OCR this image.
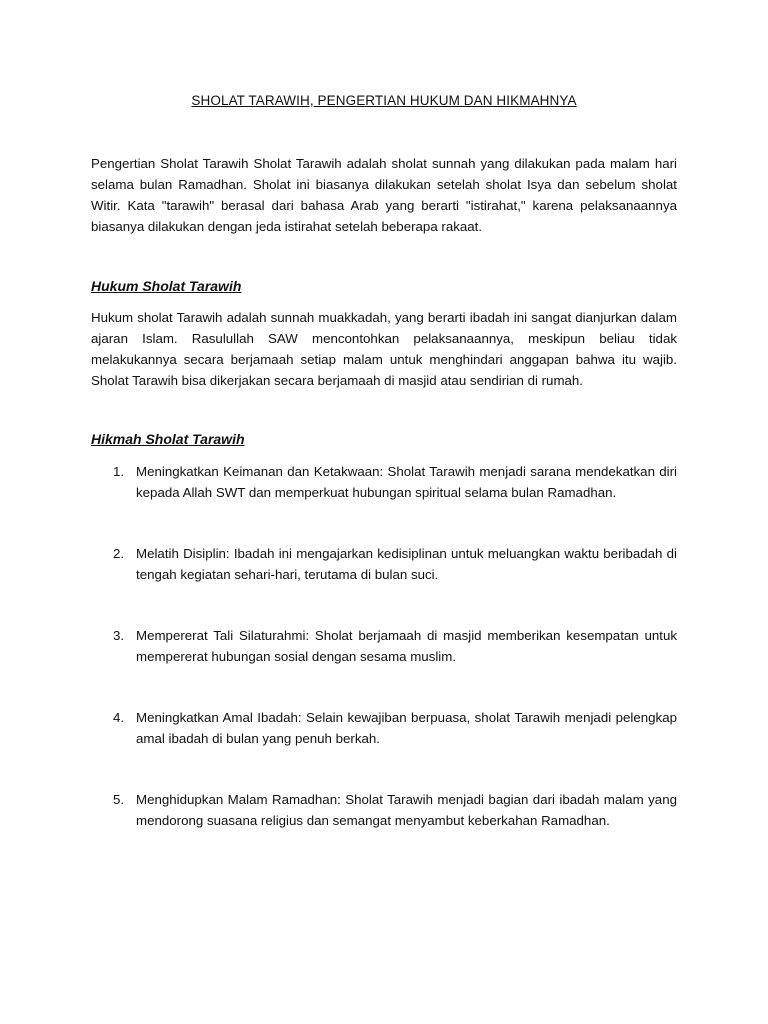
SHOLAT TARAWIH, PENGERTIAN HUKUM DAN HIKMAHNYA

Pengertian Sholat Tarawih Sholat Tarawih adalah sholat sunnah yang dilakukan pada malam hari selama bulan Ramadhan. Sholat ini biasanya dilakukan setelah sholat Isya dan sebelum sholat Witir. Kata "tarawih" berasal dari bahasa Arab yang berarti "istirahat," karena pelaksanaannya biasanya dilakukan dengan jeda istirahat setelah beberapa rakaat.

Hukum Sholat Tarawih

Hukum sholat Tarawih adalah sunnah muakkadah, yang berarti ibadah ini sangat dianjurkan dalam ajaran Islam. Rasulullah SAW mencontohkan pelaksanaannya, meskipun beliau tidak melakukannya secara berjamaah setiap malam untuk menghindari anggapan bahwa itu wajib. Sholat Tarawih bisa dikerjakan secara berjamaah di masjid atau sendirian di rumah.

Hikmah Sholat Tarawih
1. Meningkatkan Keimanan dan Ketakwaan: Sholat Tarawih menjadi sarana mendekatkan diri kepada Allah SWT dan memperkuat hubungan spiritual selama bulan Ramadhan.
2. Melatih Disiplin: Ibadah ini mengajarkan kedisiplinan untuk meluangkan waktu beribadah di tengah kegiatan sehari-hari, terutama di bulan suci.
3. Mempererat Tali Silaturahmi: Sholat berjamaah di masjid memberikan kesempatan untuk mempererat hubungan sosial dengan sesama muslim.
4. Meningkatkan Amal Ibadah: Selain kewajiban berpuasa, sholat Tarawih menjadi pelengkap amal ibadah di bulan yang penuh berkah.
5. Menghidupkan Malam Ramadhan: Sholat Tarawih menjadi bagian dari ibadah malam yang mendorong suasana religius dan semangat menyambut keberkahan Ramadhan.
